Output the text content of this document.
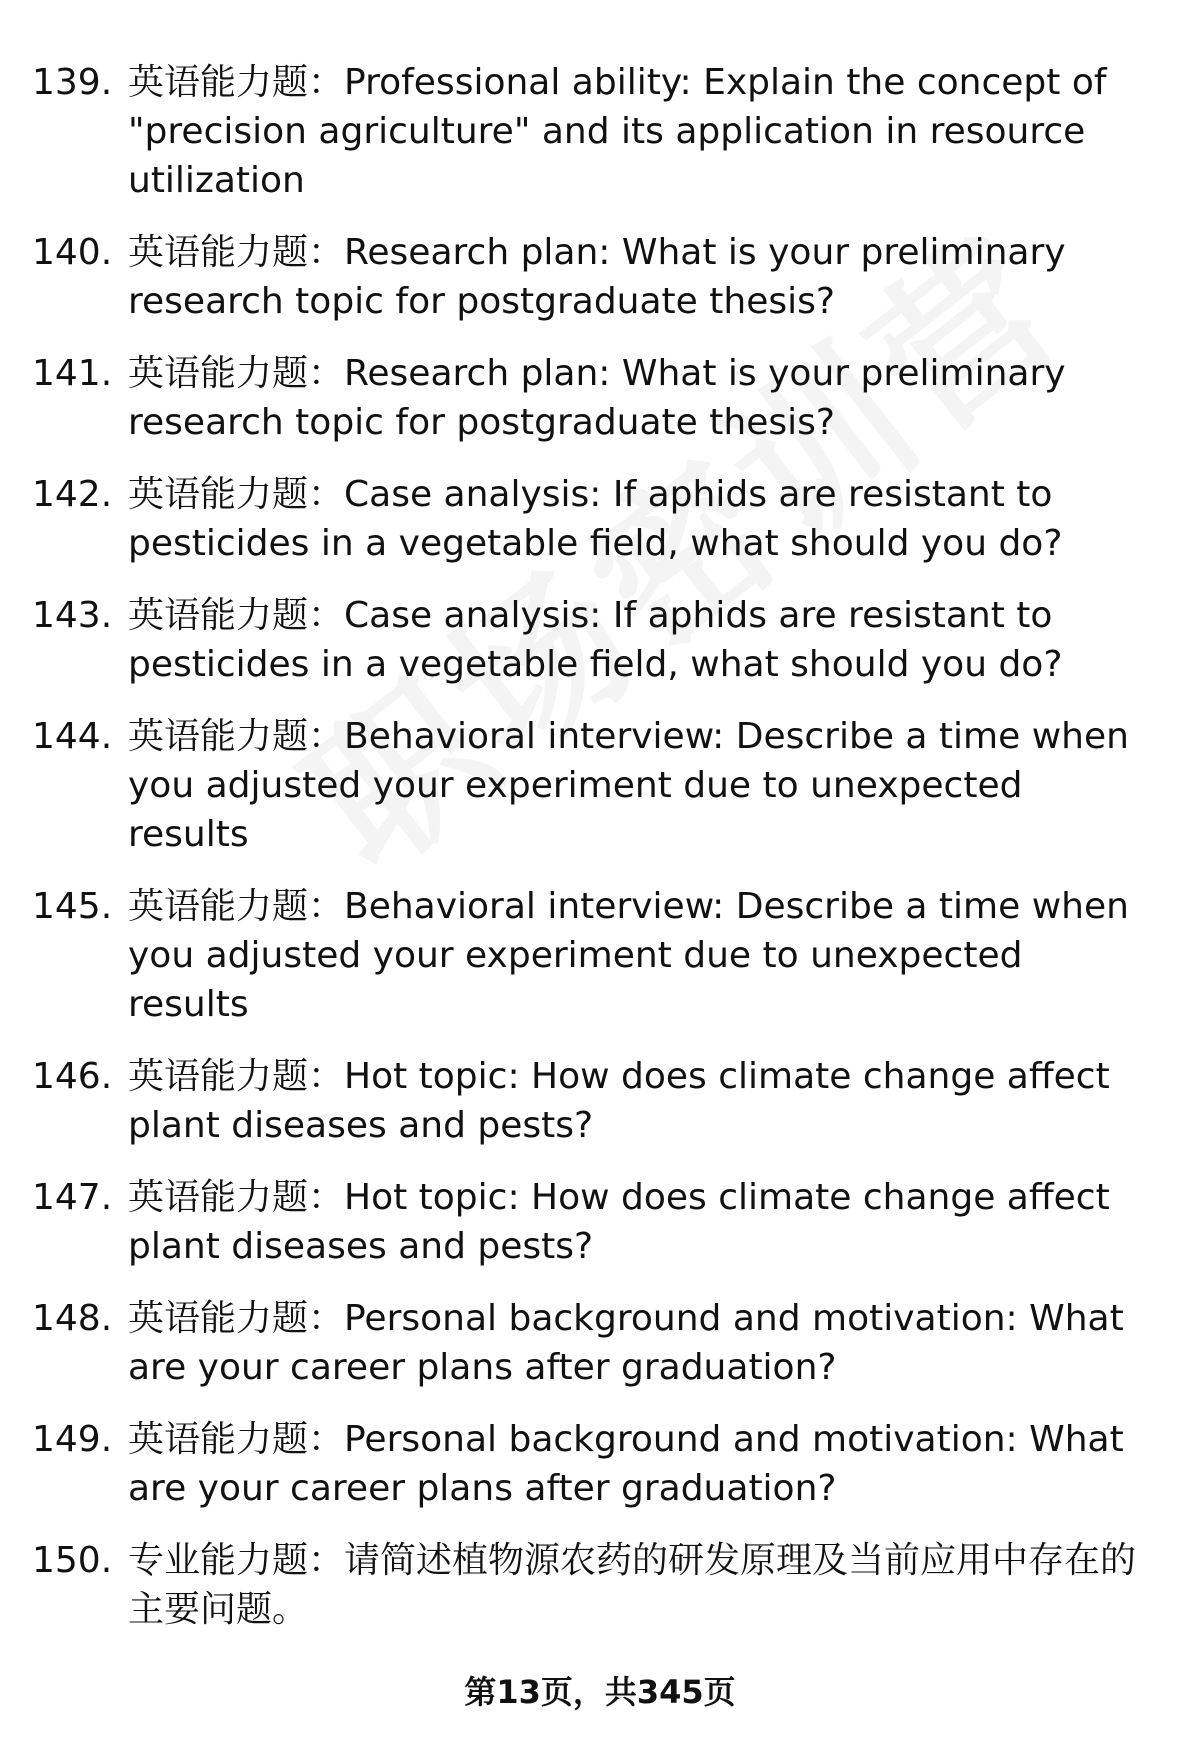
139. 英语能力题：Professional ability: Explain the concept of "precision agriculture" and its application in resource utilization
140. 英语能力题：Research plan: What is your preliminary research topic for postgraduate thesis?
141. 英语能力题：Research plan: What is your preliminary research topic for postgraduate thesis?
142. 英语能力题：Case analysis: If aphids are resistant to pesticides in a vegetable field, what should you do?
143. 英语能力题：Case analysis: If aphids are resistant to pesticides in a vegetable field, what should you do?
144. 英语能力题：Behavioral interview: Describe a time when you adjusted your experiment due to unexpected results
145. 英语能力题：Behavioral interview: Describe a time when you adjusted your experiment due to unexpected results
146. 英语能力题：Hot topic: How does climate change affect plant diseases and pests?
147. 英语能力题：Hot topic: How does climate change affect plant diseases and pests?
148. 英语能力题：Personal background and motivation: What are your career plans after graduation?
149. 英语能力题：Personal background and motivation: What are your career plans after graduation?
150. 专业能力题：请简述植物源农药的研发原理及当前应用中存在的主要问题。
第13页，共345页
